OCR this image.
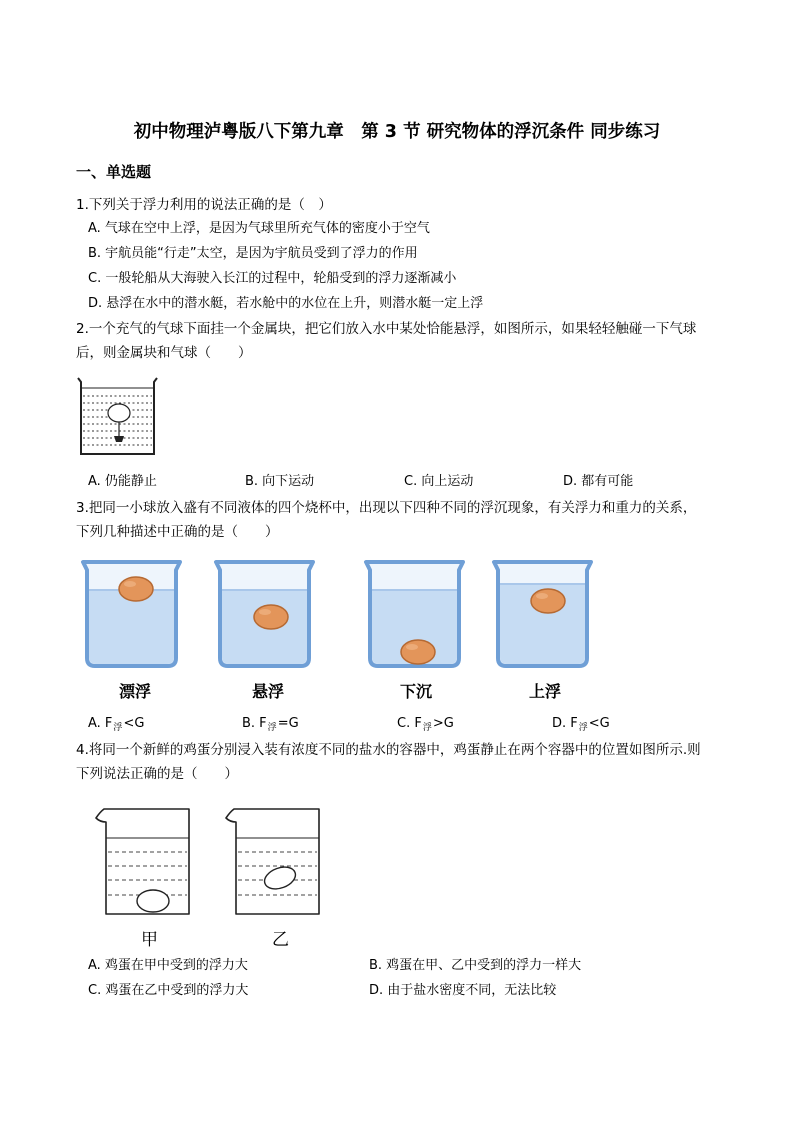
初中物理泸粤版八下第九章　第 3 节 研究物体的浮沉条件 同步练习
一、单选题
1.下列关于浮力利用的说法正确的是（　）
A. 气球在空中上浮，是因为气球里所充气体的密度小于空气
B. 宇航员能“行走”太空，是因为宇航员受到了浮力的作用
C. 一般轮船从大海驶入长江的过程中，轮船受到的浮力逐渐减小
D. 悬浮在水中的潜水艇，若水舱中的水位在上升，则潜水艇一定上浮
2.一个充气的气球下面挂一个金属块，把它们放入水中某处恰能悬浮，如图所示，如果轻轻触碰一下气球
后，则金属块和气球（　　）
A. 仍能静止	B. 向下运动	C. 向上运动	D. 都有可能
3.把同一小球放入盛有不同液体的四个烧杯中，出现以下四种不同的浮沉现象，有关浮力和重力的关系，
下列几种描述中正确的是（　　）
漂浮	悬浮	下沉	上浮
A. $F_浮<G$	B. $F_浮=G$	C. $F_浮>G$	D. $F_浮<G$
4.将同一个新鲜的鸡蛋分别浸入装有浓度不同的盐水的容器中，鸡蛋静止在两个容器中的位置如图所示.则
下列说法正确的是（　　）
甲	乙
A. 鸡蛋在甲中受到的浮力大	B. 鸡蛋在甲、乙中受到的浮力一样大
C. 鸡蛋在乙中受到的浮力大	D. 由于盐水密度不同，无法比较
